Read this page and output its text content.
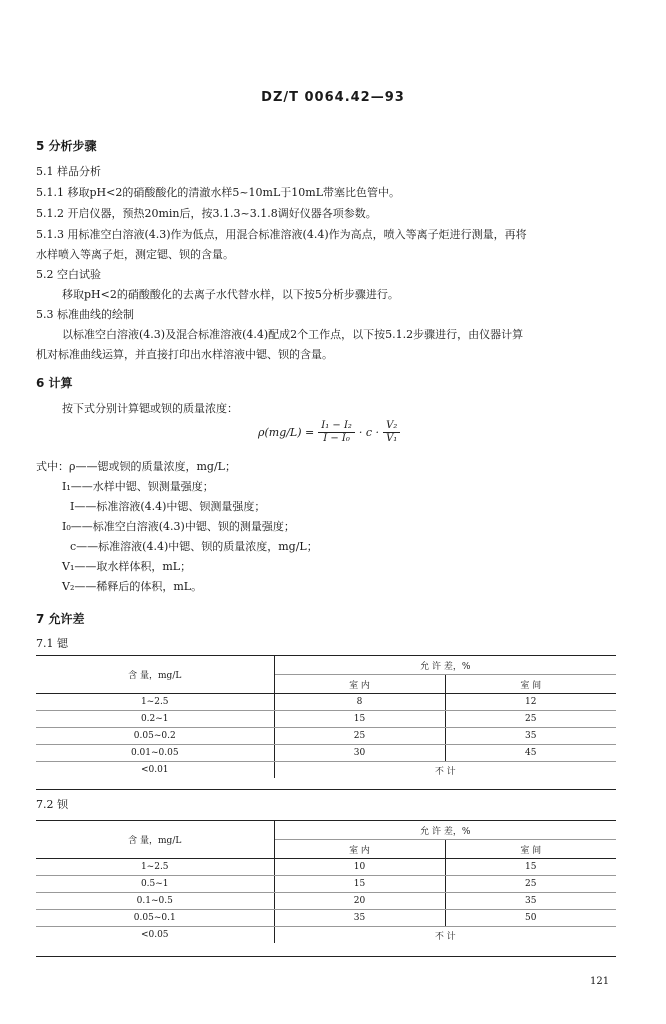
DZ/T 0064.42—93
5 分析步骤
5.1 样品分析
5.1.1 移取pH<2的硝酸酸化的清澈水样5~10mL于10mL带塞比色管中。
5.1.2 开启仪器，预热20min后，按3.1.3~3.1.8调好仪器各项参数。
5.1.3 用标准空白溶液(4.3)作为低点，用混合标准溶液(4.4)作为高点，喷入等离子炬进行测量，再将
水样喷入等离子炬，测定锶、钡的含量。
5.2 空白试验
移取pH<2的硝酸酸化的去离子水代替水样，以下按5分析步骤进行。
5.3 标准曲线的绘制
以标准空白溶液(4.3)及混合标准溶液(4.4)配成2个工作点，以下按5.1.2步骤进行，由仪器计算
机对标准曲线运算，并直接打印出水样溶液中锶、钡的含量。
6 计算
按下式分别计算锶或钡的质量浓度：
$\rho(mg/L) = \frac{\text{I₁ − I₂}}{\text{I − I₀}} \cdot c \cdot \frac{\text{V₂}}{\text{V₁}}$
式中：ρ——锶或钡的质量浓度，mg/L；
I₁——水样中锶、钡测量强度；
I——标准溶液(4.4)中锶、钡测量强度；
I₀——标准空白溶液(4.3)中锶、钡的测量强度；
c——标准溶液(4.4)中锶、钡的质量浓度，mg/L；
V₁——取水样体积，mL；
V₂——稀释后的体积，mL。
7 允许差
7.1 锶
含 量，mg/L	允 许 差，%	
	室 内	室 间
1~2.5	8	12
0.2~1	15	25
0.05~0.2	25	35
0.01~0.05	30	45
<0.01	不 计	
7.2 钡
含 量，mg/L	允 许 差，%	
	室 内	室 间
1~2.5	10	15
0.5~1	15	25
0.1~0.5	20	35
0.05~0.1	35	50
<0.05	不 计	
121
